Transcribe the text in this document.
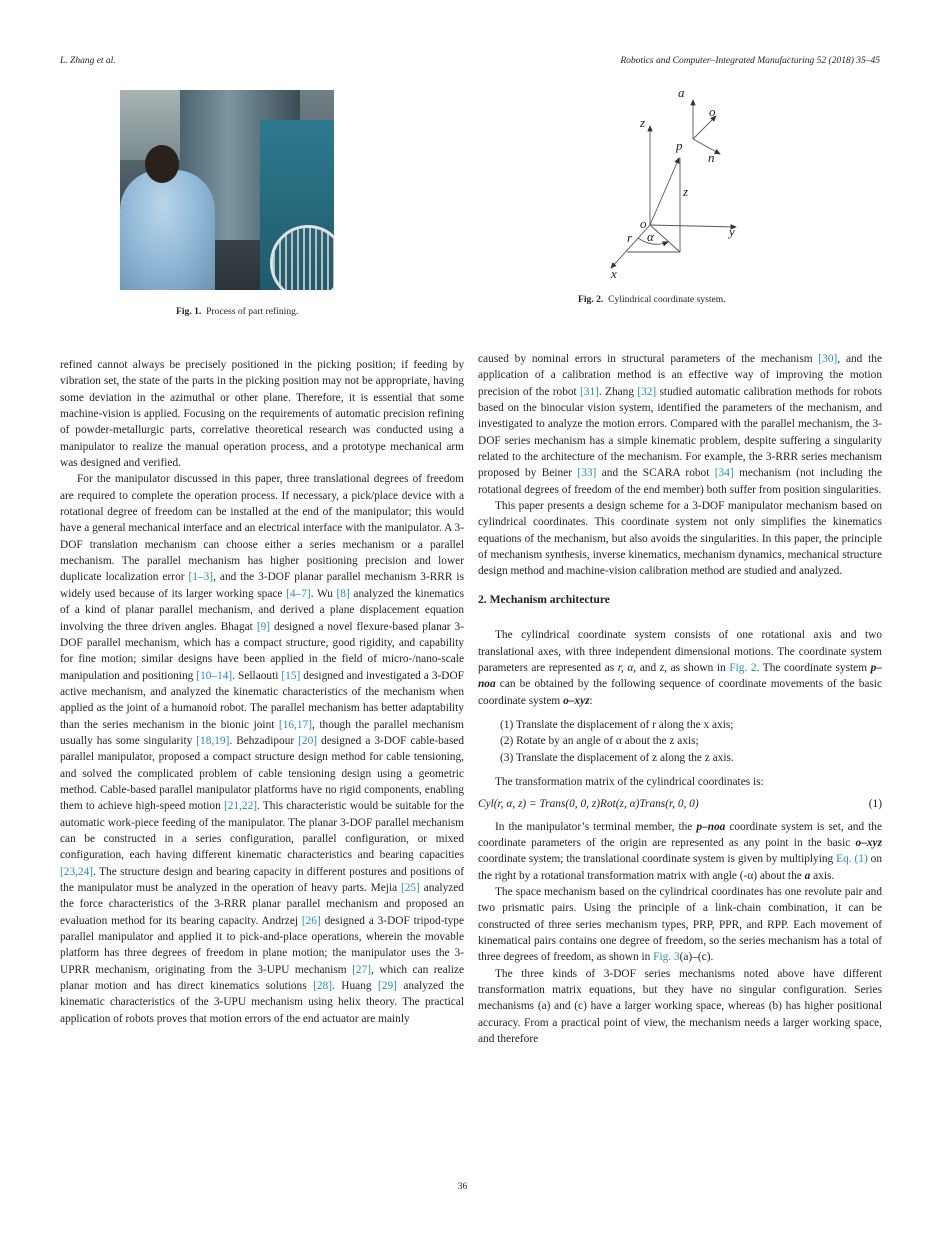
L. Zhang et al.	Robotics and Computer–Integrated Manufacturing 52 (2018) 35–45
Fig. 1. Process of part refining.
z
x
y
o
p
z
r α
a
o
n
Fig. 2. Cylindrical coordinate system.

refined cannot always be precisely positioned in the picking position; if feeding by vibration set, the state of the parts in the picking position may not be appropriate, having some deviation in the azimuthal or other plane. Therefore, it is essential that some machine-vision is applied. Focusing on the requirements of automatic precision refining of powder-metallurgic parts, correlative theoretical research was conducted using a manipulator to realize the manual operation process, and a prototype mechanical arm was designed and verified.

For the manipulator discussed in this paper, three translational degrees of freedom are required to complete the operation process. If necessary, a pick/place device with a rotational degree of freedom can be installed at the end of the manipulator; this would have a general mechanical interface and an electrical interface with the manipulator. A 3-DOF translation mechanism can choose either a series mechanism or a parallel mechanism. The parallel mechanism has higher positioning precision and lower duplicate localization error [1–3], and the 3-DOF planar parallel mechanism 3-RRR is widely used because of its larger working space [4–7]. Wu [8] analyzed the kinematics of a kind of planar parallel mechanism, and derived a plane displacement equation involving the three driven angles. Bhagat [9] designed a novel flexure-based planar 3-DOF parallel mechanism, which has a compact structure, good rigidity, and capability for fine motion; similar designs have been applied in the field of micro-/nano-scale manipulation and positioning [10–14]. Sellaouti [15] designed and investigated a 3-DOF active mechanism, and analyzed the kinematic characteristics of the mechanism when applied as the joint of a humanoid robot. The parallel mechanism has better adaptability than the series mechanism in the bionic joint [16,17], though the parallel mechanism usually has some singularity [18,19]. Behzadipour [20] designed a 3-DOF cable-based parallel manipulator, proposed a compact structure design method for cable tensioning, and solved the complicated problem of cable tensioning design using a geometric method. Cable-based parallel manipulator platforms have no rigid components, enabling them to achieve high-speed motion [21,22]. This characteristic would be suitable for the automatic work-piece feeding of the manipulator. The planar 3-DOF parallel mechanism can be constructed in a series configuration, parallel configuration, or mixed configuration, each having different kinematic characteristics and bearing capacities [23,24]. The structure design and bearing capacity in different postures and positions of the manipulator must be analyzed in the operation of heavy parts. Mejia [25] analyzed the force characteristics of the 3-RRR planar parallel mechanism and proposed an evaluation method for its bearing capacity. Andrzej [26] designed a 3-DOF tripod-type parallel manipulator and applied it to pick-and-place operations, wherein the movable platform has three degrees of freedom in plane motion; the manipulator uses the 3-UPRR mechanism, originating from the 3-UPU mechanism [27], which can realize planar motion and has direct kinematics solutions [28]. Huang [29] analyzed the kinematic characteristics of the 3-UPU mechanism using helix theory. The practical application of robots proves that motion errors of the end actuator are mainly

caused by nominal errors in structural parameters of the mechanism [30], and the application of a calibration method is an effective way of improving the motion precision of the robot [31]. Zhang [32] studied automatic calibration methods for robots based on the binocular vision system, identified the parameters of the mechanism, and investigated to analyze the motion errors. Compared with the parallel mechanism, the 3-DOF series mechanism has a simple kinematic problem, despite suffering a singularity related to the architecture of the mechanism. For example, the 3-RRR series mechanism proposed by Beiner [33] and the SCARA robot [34] mechanism (not including the rotational degrees of freedom of the end member) both suffer from position singularities.

This paper presents a design scheme for a 3-DOF manipulator mechanism based on cylindrical coordinates. This coordinate system not only simplifies the kinematics equations of the mechanism, but also avoids the singularities. In this paper, the principle of mechanism synthesis, inverse kinematics, mechanism dynamics, mechanical structure design method and machine-vision calibration method are studied and analyzed.

2. Mechanism architecture

The cylindrical coordinate system consists of one rotational axis and two translational axes, with three independent dimensional motions. The coordinate system parameters are represented as r, α, and z, as shown in Fig. 2. The coordinate system p–noa can be obtained by the following sequence of coordinate movements of the basic coordinate system o–xyz:

(1) Translate the displacement of r along the x axis;
(2) Rotate by an angle of α about the z axis;
(3) Translate the displacement of z along the z axis.

The transformation matrix of the cylindrical coordinates is:

Cyl(r, α, z) = Trans(0, 0, z)Rot(z, α)Trans(r, 0, 0)	(1)

In the manipulator’s terminal member, the p–noa coordinate system is set, and the coordinate parameters of the origin are represented as any point in the basic o–xyz coordinate system; the translational coordinate system is given by multiplying Eq. (1) on the right by a rotational transformation matrix with angle (-α) about the a axis.

The space mechanism based on the cylindrical coordinates has one revolute pair and two prismatic pairs. Using the principle of a link-chain combination, it can be constructed of three series mechanism types, PRP, PPR, and RPP. Each movement of kinematical pairs contains one degree of freedom, so the series mechanism has a total of three degrees of freedom, as shown in Fig. 3(a)–(c).

The three kinds of 3-DOF series mechanisms noted above have different transformation matrix equations, but they have no singular configuration. Series mechanisms (a) and (c) have a larger working space, whereas (b) has higher positional accuracy. From a practical point of view, the mechanism needs a larger working space, and therefore

36
